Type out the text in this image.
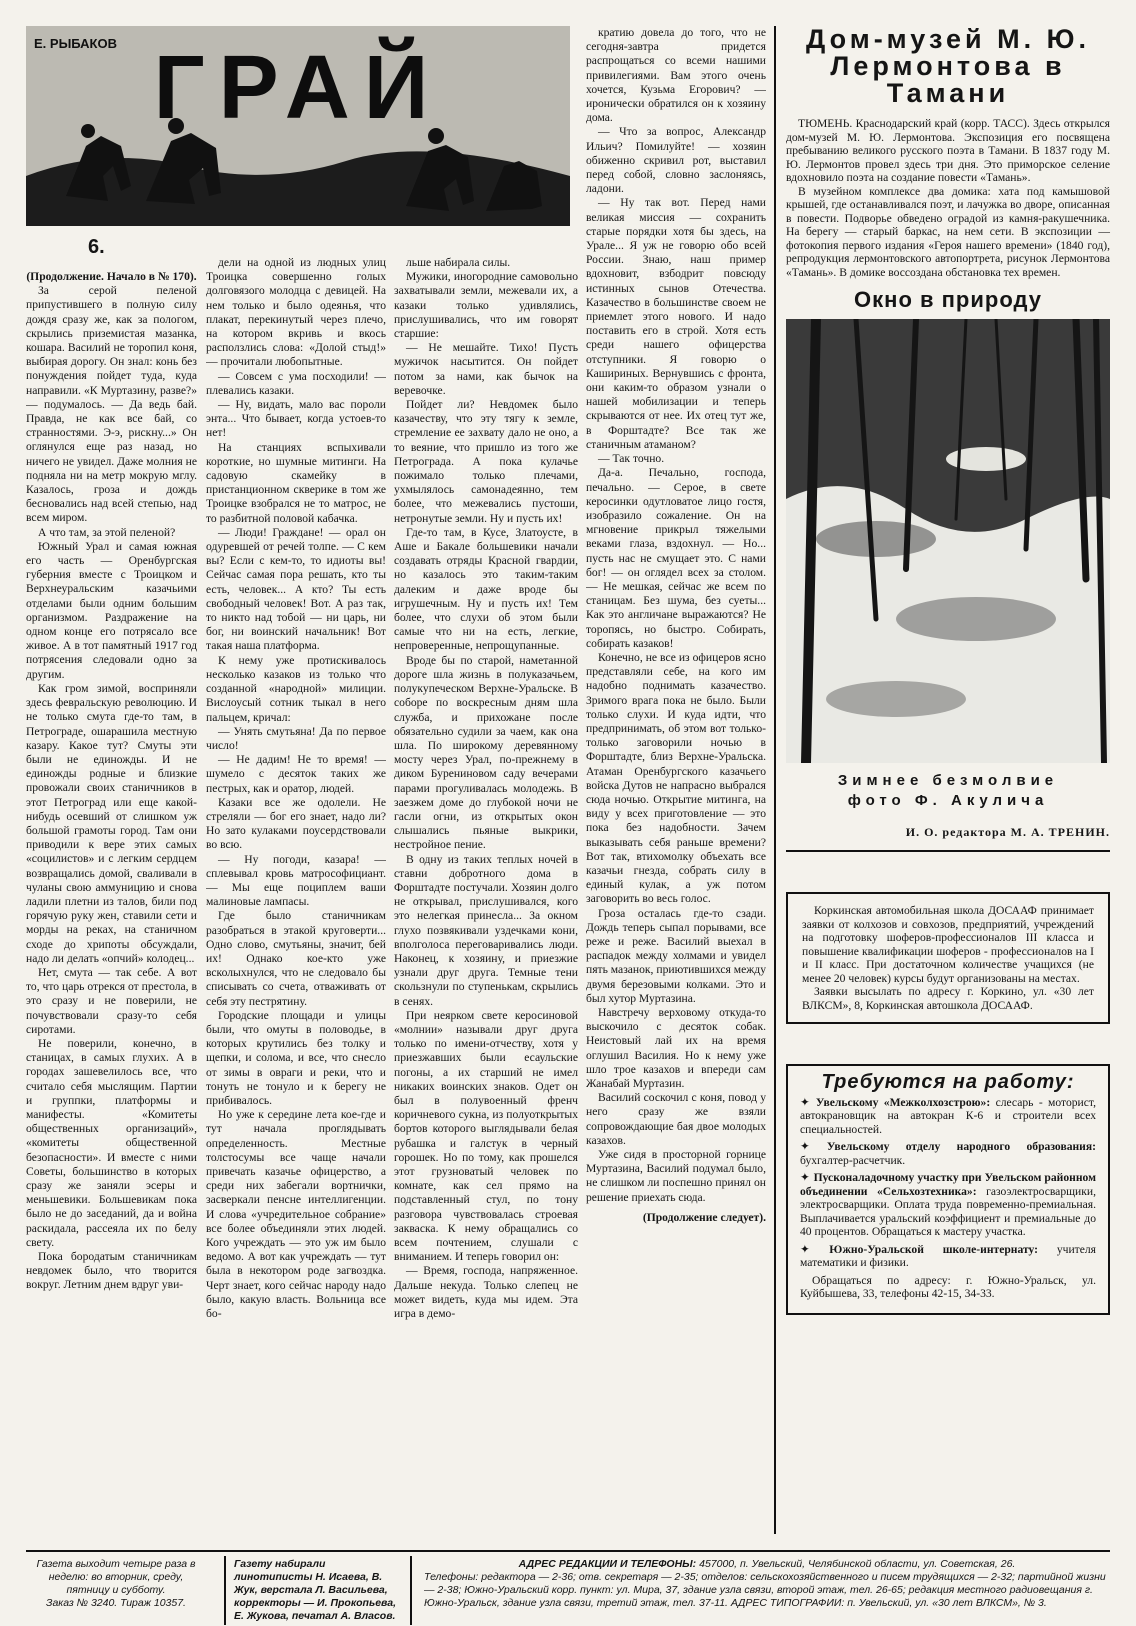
Е. РЫБАКОВ ГРАЙ
6.

(Продолжение. Начало в № 170).

За серой пеленой припустившего в полную силу дождя сразу же, как за пологом, скрылись приземистая мазанка, кошара. Василий не торопил коня, выбирая дорогу. Он знал: конь без понуждения пойдет туда, куда направили. «К Муртазину, разве?» — подумалось. — Да ведь бай. Правда, не как все бай, со странностями. Э-э, рискну...» Он оглянулся еще раз назад, но ничего не увидел. Даже молния не подняла ни на метр мокрую мглу. Казалось, гроза и дождь бесновались над всей степью, над всем миром.

А что там, за этой пеленой?

Южный Урал и самая южная его часть — Оренбургская губерния вместе с Троицком и Верхнеуральским казачьими отделами были одним большим организмом. Раздражение на одном конце его потрясало все живое. А в тот памятный 1917 год потрясения следовали одно за другим.

Как гром зимой, восприняли здесь февральскую революцию. И не только смута где-то там, в Петрограде, ошарашила местную казару. Какое тут? Смуты эти были не единожды. И не единожды родные и близкие провожали своих станичников в этот Петроград или еще какой-нибудь осевший от слишком уж большой грамоты город. Там они приводили к вере этих самых «социлистов» и с легким сердцем возвращались домой, сваливали в чуланы свою аммуницию и снова ладили плетни из талов, били под горячую руку жен, ставили сети и морды на реках, на станичном сходе до хрипоты обсуждали, надо ли делать «опчий» колодец...

Нет, смута — так себе. А вот то, что царь отрекся от престола, в это сразу и не поверили, не почувствовали сразу-то себя сиротами.

Не поверили, конечно, в станицах, в самых глухих. А в городах зашевелилось все, что считало себя мыслящим. Партии и группки, платформы и манифесты. «Комитеты общественных организаций», «комитеты общественной безопасности». И вместе с ними Советы, большинство в которых сразу же заняли эсеры и меньшевики. Большевикам пока было не до заседаний, да и война раскидала, рассеяла их по белу свету.

Пока бородатым станичникам невдомек было, что творится вокруг. Летним днем вдруг уви-

дели на одной из людных улиц Троицка совершенно голых долговязого молодца с девицей. На нем только и было одеянья, что плакат, перекинутый через плечо, на котором вкривь и вкось расползлись слова: «Долой стыд!» — прочитали любопытные.

— Совсем с ума посходили! — плевались казаки.

— Ну, видать, мало вас пороли энта... Что бывает, когда устоев-то нет!

На станциях вспыхивали короткие, но шумные митинги. На садовую скамейку в пристанционном скверике в том же Троицке взобрался не то матрос, не то разбитной половой кабачка.

— Люди! Граждане! — орал он одуревшей от речей толпе. — С кем вы? Если с кем-то, то идиоты вы! Сейчас самая пора решать, кто ты есть, человек... А кто? Ты есть свободный человек! Вот. А раз так, то никто над тобой — ни царь, ни бог, ни воинский начальник! Вот такая наша платформа.

К нему уже протискивалось несколько казаков из только что созданной «народной» милиции. Вислоусый сотник тыкал в него пальцем, кричал:

— Унять смутьяна! Да по первое число!

— Не дадим! Не то время! — шумело с десяток таких же пестрых, как и оратор, людей.

Казаки все же одолели. Не стреляли — бог его знает, надо ли? Но зато кулаками поусердствовали во всю.

— Ну погоди, казара! — сплевывал кровь матрософициант. — Мы еще поциплем ваши малиновые лампасы.

Где было станичникам разобраться в этакой круговерти... Одно слово, смутьяны, значит, бей их! Однако кое-кто уже всколыхнулся, что не следовало бы списывать со счета, отваживать от себя эту пестрятину.

Городские площади и улицы были, что омуты в половодье, в которых крутились без толку и щепки, и солома, и все, что снесло от зимы в овраги и реки, что и тонуть не тонуло и к берегу не прибивалось.

Но уже к середине лета кое-где и тут начала проглядывать определенность. Местные толстосумы все чаще начали привечать казачье офицерство, а среди них забегали вортнички, засверкали пенсне интеллигенции. И слова «учредительное собрание» все более объединяли этих людей. Кого учреждать — это уж им было ведомо. А вот как учреждать — тут была в некотором роде загвоздка. Черт знает, кого сейчас народу надо было, какую власть. Вольница все бо-

льше набирала силы.

Мужики, иногородние самовольно захватывали земли, межевали их, а казаки только удивлялись, прислушивались, что им говорят старшие:

— Не мешайте. Тихо! Пусть мужичок насытится. Он пойдет потом за нами, как бычок на веревочке.

Пойдет ли? Невдомек было казачеству, что эту тягу к земле, стремление ее захвату дало не оно, а то веяние, что пришло из того же Петрограда. А пока кулачье пожимало только плечами, ухмылялось самонадеянно, тем более, что межевались пустоши, нетронутые земли. Ну и пусть их!

Где-то там, в Кусе, Златоусте, в Аше и Бакале большевики начали создавать отряды Красной гвардии, но казалось это таким-таким далеким и даже вроде бы игрушечным. Ну и пусть их! Тем более, что слухи об этом были самые что ни на есть, легкие, непроверенные, непрощупанные.

Вроде бы по старой, наметанной дороге шла жизнь в полуказачьем, полукупеческом Верхне-Уральске. В соборе по воскресным дням шла служба, и прихожане после обязательно судили за чаем, как она шла. По широкому деревянному мосту через Урал, по-прежнему в диком Бурениновом саду вечерами парами прогуливалась молодежь. В заезжем доме до глубокой ночи не гасли огни, из открытых окон слышались пьяные выкрики, нестройное пение.

В одну из таких теплых ночей в ставни добротного дома в Форштадте постучали. Хозяин долго не открывал, прислушивался, кого это нелегкая принесла... За окном глухо позвякивали уздечками кони, вполголоса переговаривались люди. Наконец, к хозяину, и приезжие узнали друг друга. Темные тени скользнули по ступенькам, скрылись в сенях.

При неярком свете керосиновой «молнии» называли друг друга только по имени-отчеству, хотя у приезжавших были есаульские погоны, а их старший не имел никаких воинских знаков. Одет он был в полувоенный френч коричневого сукна, из полуоткрытых бортов которого выглядывали белая рубашка и галстук в черный горошек. Но по тому, как прошелся этот грузноватый человек по комнате, как сел прямо на подставленный стул, по тону разговора чувствовалась строевая закваска. К нему обращались со всем почтением, слушали с вниманием. И теперь говорил он:

— Время, господа, напряженное. Дальше некуда. Только слепец не может видеть, куда мы идем. Эта игра в демо-

кратию довела до того, что не сегодня-завтра придется распрощаться со всеми нашими привилегиями. Вам этого очень хочется, Кузьма Егорович? — иронически обратился он к хозяину дома.

— Что за вопрос, Александр Ильич? Помилуйте! — хозяин обиженно скривил рот, выставил перед собой, словно заслоняясь, ладони.

— Ну так вот. Перед нами великая миссия — сохранить старые порядки хотя бы здесь, на Урале... Я уж не говорю обо всей России. Знаю, наш пример вдохновит, взбодрит повсюду истинных сынов Отечества. Казачество в большинстве своем не приемлет этого нового. И надо поставить его в строй. Хотя есть среди нашего офицерства отступники. Я говорю о Кашириных. Вернувшись с фронта, они каким-то образом узнали о нашей мобилизации и теперь скрываются от нее. Их отец тут же, в Форштадте? Все так же станичным атаманом?

— Так точно.

Да-а. Печально, господа, печально. — Серое, в свете керосинки одутловатое лицо гостя, изобразило сожаление. Он на мгновение прикрыл тяжелыми веками глаза, вздохнул. — Но... пусть нас не смущает это. С нами бог! — он оглядел всех за столом. — Не мешкая, сейчас же всем по станицам. Без шума, без суеты... Как это англичане выражаются? Не торопясь, но быстро. Собирать, собирать казаков!

Конечно, не все из офицеров ясно представляли себе, на кого им надобно поднимать казачество. Зримого врага пока не было. Были только слухи. И куда идти, что предпринимать, об этом вот только-только заговорили ночью в Форштадте, близ Верхне-Уральска. Атаман Оренбургского казачьего войска Дутов не напрасно выбрался сюда ночью. Открытие митинга, на виду у всех приготовление — это пока без надобности. Зачем выказывать себя раньше времени? Вот так, втихомолку объехать все казачьи гнезда, собрать силу в единый кулак, а уж потом заговорить во весь голос.

Гроза осталась где-то сзади. Дождь теперь сыпал порывами, все реже и реже. Василий выехал в распадок между холмами и увидел пять мазанок, приютившихся между двумя березовыми колками. Это и был хутор Муртазина.

Навстречу верховому откуда-то выскочило с десяток собак. Неистовый лай их на время оглушил Василия. Но к нему уже шло трое казахов и впереди сам Жанабай Муртазин.

Василий соскочил с коня, повод у него сразу же взяли сопровождающие бая двое молодых казахов.

Уже сидя в просторной горнице Муртазина, Василий подумал было, не слишком ли поспешно принял он решение приехать сюда.

(Продолжение следует).

Дом-музей М. Ю. Лермонтова в Тамани

ТЮМЕНЬ. Краснодарский край (корр. ТАСС). Здесь открылся дом-музей М. Ю. Лермонтова. Экспозиция его посвящена пребыванию великого русского поэта в Тамани. В 1837 году М. Ю. Лермонтов провел здесь три дня. Это приморское селение вдохновило поэта на создание повести «Тамань».

В музейном комплексе два домика: хата под камышовой крышей, где останавливался поэт, и лачужка во дворе, описанная в повести. Подворье обведено оградой из камня-ракушечника. На берегу — старый баркас, на нем сети. В экспозиции — фотокопия первого издания «Героя нашего времени» (1840 год), репродукция лермонтовского автопортрета, рисунок Лермонтова «Тамань». В домике воссоздана обстановка тех времен.

Окно в природу
Зимнее безмолвие
фото Ф. Акулича
И. О. редактора М. А. ТРЕНИН.

Коркинская автомобильная школа ДОСААФ принимает заявки от колхозов и совхозов, предприятий, учреждений на подготовку шоферов-профессионалов III класса и повышение квалификации шоферов - профессионалов на I и II класс. При достаточном количестве учащихся (не менее 20 человек) курсы будут организованы на местах.

Заявки высылать по адресу г. Коркино, ул. «30 лет ВЛКСМ», 8, Коркинская автошкола ДОСААФ.

Требуются на работу:

✦ Увельскому «Межколхозстрою»: слесарь - моторист, автокрановщик на автокран К-6 и строители всех специальностей.

✦ Увельскому отделу народного образования: бухгалтер-расчетчик.

✦ Пусконаладочному участку при Увельском районном объединении «Сельхозтехника»: газоэлектросварщики, электросварщики. Оплата труда повременно-премиальная. Выплачивается уральский коэффициент и премиальные до 40 процентов. Обращаться к мастеру участка.

✦ Южно-Уральской школе-интернату: учителя математики и физики.

Обращаться по адресу: г. Южно-Уральск, ул. Куйбышева, 33, телефоны 42-15, 34-33.

Газета выходит четыре раза в неделю: во вторник, среду, пятницу и субботу.
Заказ № 3240. Тираж 10357.
Газету набирали линотиписты Н. Исаева, В. Жук, верстала Л. Васильева, корректоры — И. Прокопьева, Е. Жукова, печатал А. Власов.
АДРЕС РЕДАКЦИИ И ТЕЛЕФОНЫ: 457000, п. Увельский, Челябинской области, ул. Советская, 26.
Телефоны: редактора — 2-36; отв. секретаря — 2-35; отделов: сельскохозяйственного и писем трудящихся — 2-32; партийной жизни — 2-38; Южно-Уральский корр. пункт: ул. Мира, 37, здание узла связи, второй этаж, тел. 26-65; редакция местного радиовещания г. Южно-Уральск, здание узла связи, третий этаж, тел. 37-11. АДРЕС ТИПОГРАФИИ: п. Увельский, ул. «30 лет ВЛКСМ», № 3.
